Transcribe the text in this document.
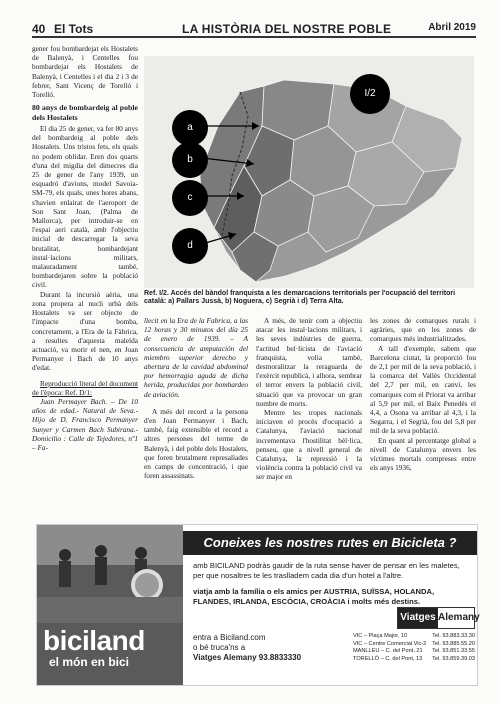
40 El Tots	LA HISTÒRIA DEL NOSTRE POBLE	Abril 2019

gener fou bombardejat els Hostalets de Balenyà, i Centelles fou bombardejat els Hostalets de Balenyà, i Centelles i el dia 2 i 3 de febrer, Sant Vicenç de Torelló i Torelló.

80 anys de bombardeig al poble dels Hostalets

El dia 25 de gener, va fer 80 anys del bombardeig al poble dels Hostalets. Uns tristos fets, els quals no podem oblidar. Eren dos quarts d'una del migdia del dimecres dia 25 de gener de l'any 1939, un esquadró d'avions, model Savoia-SM-79, els quals, unes hores abans, s'havien enlairat de l'aeroport de Son Sant Joan, (Palma de Mallorca), per introduir-se en l'espai aeri català, amb l'objectiu inicial de descarregar la seva brutalitat, bombardejant instal·lacions militars, malauradament també, bombardejaren sobre la població civil.

Durant la incursió aèria, una zona propera al nucli urbà dels Hostalets va ser objecte de l'impacte d'una bomba, concretament, a l'Era de la Fàbrica, a resultes d'aquesta maleïda actuació, va morir el nen, en Joan Permanyer i Bach de 10 anys d'edat.

Reproducció literal del document de l'època: Ref. D/1:

Juan Permayer Bach. – De 10 años de edad.- Natural de Seva.-Hijo de D. Francisco Permanyer Sunyer y Carmen Bach Subirana.- Domicilio : Calle de Tejedores, nº1 – Fa-

a
b
c
d
I/2
Ref. I/2. Accés del bàndol franquista a les demarcacions territorials per l'ocupació del territori català: a) Pallars Jussà, b) Noguera, c) Segrià i d) Terra Alta.

llecit en la Era de la Fabrica, a las 12 horas y 30 minutos del día 25 de enero de 1939. – A consecuencia de amputación del miembro superior derecho y abertura de la cavidad abdominal por hemorragia aguda de dicha herida, producidas por bombardeo de aviación.

A més del record a la persona d'en Joan Permanyer i Bach, també, faig extensible el record a altres persones del terme de Balenyà, i del poble dels Hostalets, que foren brutalment represaliades en camps de concentració, i que foren assassinats.

A més, de tenir com a objectiu atacar les instal·lacions militars, i les seves indústries de guerra, l'actitud bel·licista de l'aviació franquista, volia també, desmoralitzar la reraguarda de l'exèrcit republicà, i alhora, sembrar el terror envers la població civil, situació que va provocar un gran nombre de morts.

Mentre les tropes nacionals iniciaven el procés d'ocupació a Catalunya, l'aviació nacional incrementava l'hostilitat bèl·lica, penseu, que a nivell general de Catalunya, la repressió i la violència contra la població civil va ser major en

les zones de comarques rurals i agràries, que en les zones de comarques més industrialitzades.

A tall d'exemple, sabem que Barcelona ciutat, la proporció fou de 2,1 per mil de la seva població, i la comarca del Vallès Occidental del 2,7 per mil, en canvi, les comarques com el Priorat va arribar al 5,9 per mil, el Baix Penedès el 4,4, a Osona va arribar al 4,3, i la Segarra, i el Segrià, fou del 5,8 per mil de la seva població.

En quant al percentatge global a nivell de Catalunya envers les víctimes mortals compreses entre els anys 1936,

biciland
el món en bici
Coneixes les nostres rutes en Bicicleta ?
amb BICILAND podràs gaudir de la ruta sense haver de pensar en les maletes, per que nosaltres te les traslladem cada dia d'un hotel a l'altre.
viatja amb la família o els amics per AUSTRIA, SUÏSSA, HOLANDA, FLANDES, IRLANDA, ESCÒCIA, CROÀCIA i molts més destins.
Viatges Alemany
entra a Biciland.com
o bé truca'ns a
Viatges Alemany 93.8833330
VIC – Plaça Major, 10	Tel. 93.883.33.30
VIC – Centre Comercial Vic-2 Tel. 93.885.55.20
MANLLEU – C. del Pont, 21 Tel. 93.851.33.55
TORELLÓ – C. del Pont, 13 Tel. 93.859.39.03
